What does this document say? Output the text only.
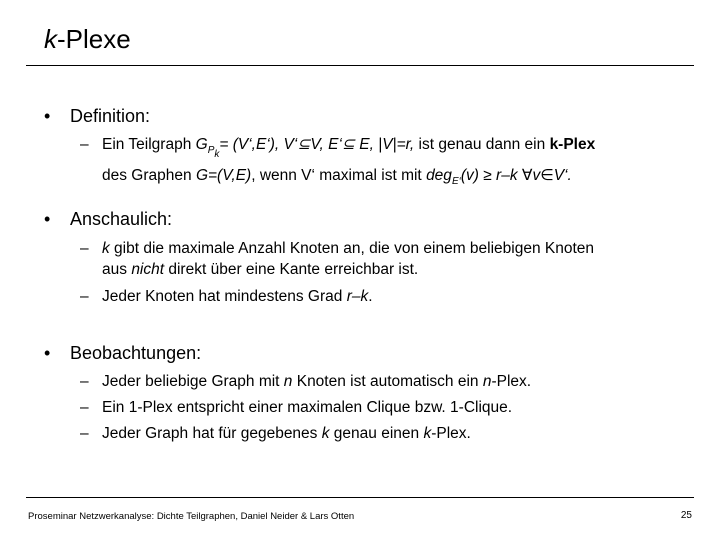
k-Plexe
• Definition:
– Ein Teilgraph $G_{P_k}=$ (V‘,E‘), V‘⊆V, E‘⊆ E, |V|=r, ist genau dann ein k-Plex
des Graphen G=(V,E), wenn V‘ maximal ist mit deg$_{E‘}$(v) ≥ r–k ∀v∈V‘.
• Anschaulich:
– k gibt die maximale Anzahl Knoten an, die von einem beliebigen Knoten
aus nicht direkt über eine Kante erreichbar ist.
– Jeder Knoten hat mindestens Grad r–k.
• Beobachtungen:
– Jeder beliebige Graph mit n Knoten ist automatisch ein n-Plex.
– Ein 1-Plex entspricht einer maximalen Clique bzw. 1-Clique.
– Jeder Graph hat für gegebenes k genau einen k-Plex.
Proseminar Netzwerkanalyse: Dichte Teilgraphen, Daniel Neider & Lars Otten	25
